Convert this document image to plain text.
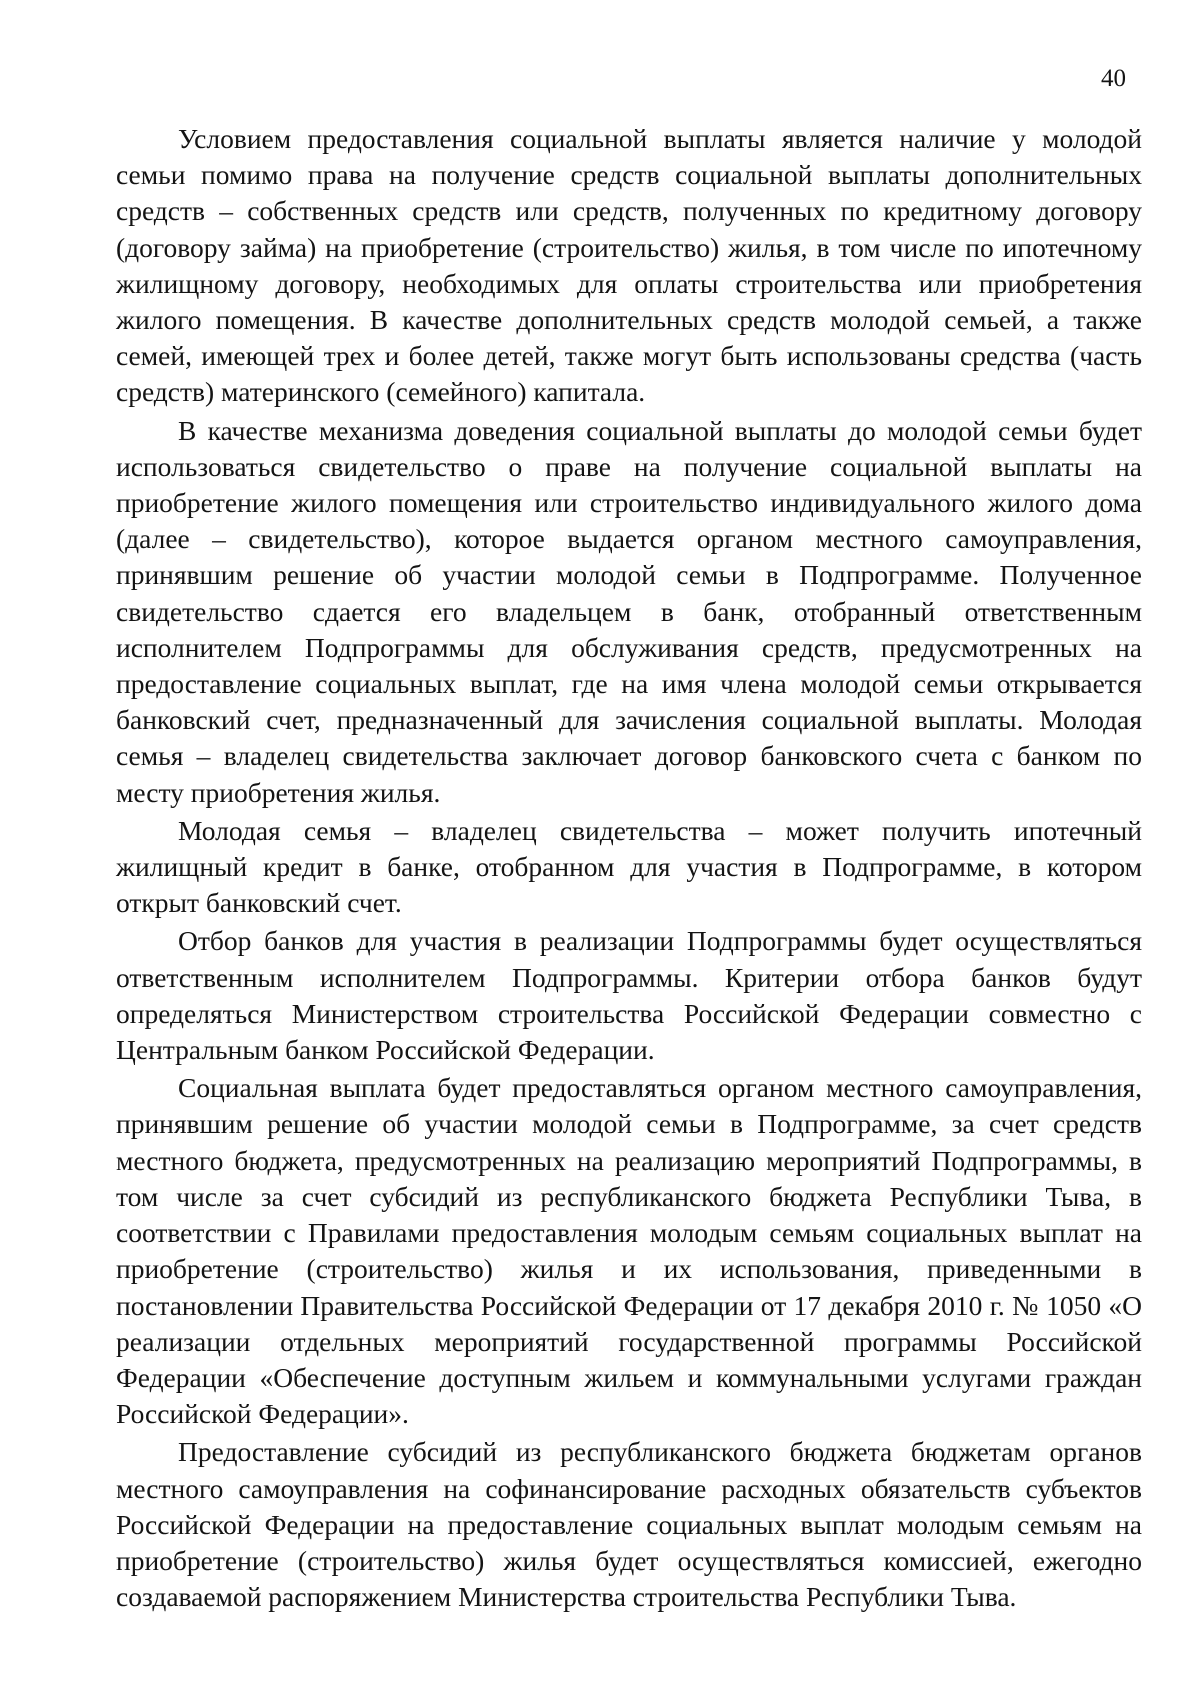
40

Условием предоставления социальной выплаты является наличие у молодой семьи помимо права на получение средств социальной выплаты дополнительных средств – собственных средств или средств, полученных по кредитному договору (договору займа) на приобретение (строительство) жилья, в том числе по ипотечному жилищному договору, необходимых для оплаты строительства или приобретения жилого помещения. В качестве дополнительных средств молодой семьей, а также семей, имеющей трех и более детей, также могут быть использованы средства (часть средств) материнского (семейного) капитала.

В качестве механизма доведения социальной выплаты до молодой семьи будет использоваться свидетельство о праве на получение социальной выплаты на приобретение жилого помещения или строительство индивидуального жилого дома (далее – свидетельство), которое выдается органом местного самоуправления, принявшим решение об участии молодой семьи в Подпрограмме. Полученное свидетельство сдается его владельцем в банк, отобранный ответственным исполнителем Подпрограммы для обслуживания средств, предусмотренных на предоставление социальных выплат, где на имя члена молодой семьи открывается банковский счет, предназначенный для зачисления социальной выплаты. Молодая семья – владелец свидетельства заключает договор банковского счета с банком по месту приобретения жилья.

Молодая семья – владелец свидетельства – может получить ипотечный жилищный кредит в банке, отобранном для участия в Подпрограмме, в котором открыт банковский счет.

Отбор банков для участия в реализации Подпрограммы будет осуществляться ответственным исполнителем Подпрограммы. Критерии отбора банков будут определяться Министерством строительства Российской Федерации совместно с Центральным банком Российской Федерации.

Социальная выплата будет предоставляться органом местного самоуправления, принявшим решение об участии молодой семьи в Подпрограмме, за счет средств местного бюджета, предусмотренных на реализацию мероприятий Подпрограммы, в том числе за счет субсидий из республиканского бюджета Республики Тыва, в соответствии с Правилами предоставления молодым семьям социальных выплат на приобретение (строительство) жилья и их использования, приведенными в постановлении Правительства Российской Федерации от 17 декабря 2010 г. № 1050 «О реализации отдельных мероприятий государственной программы Российской Федерации «Обеспечение доступным жильем и коммунальными услугами граждан Российской Федерации».

Предоставление субсидий из республиканского бюджета бюджетам органов местного самоуправления на софинансирование расходных обязательств субъектов Российской Федерации на предоставление социальных выплат молодым семьям на приобретение (строительство) жилья будет осуществляться комиссией, ежегодно создаваемой распоряжением Министерства строительства Республики Тыва.
